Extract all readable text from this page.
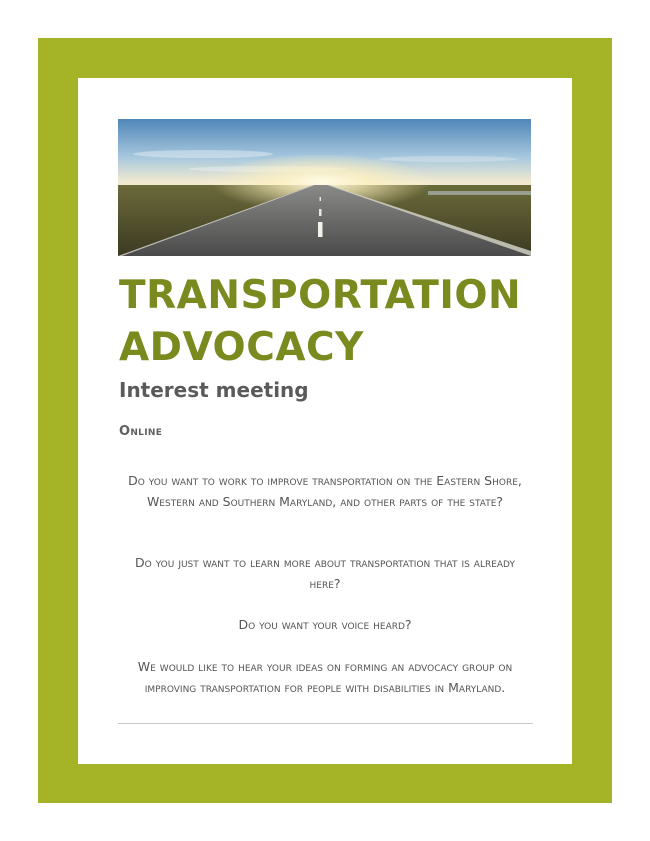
TRANSPORTATION
ADVOCACY
Interest meeting

Online

Do you want to work to improve transportation on the Eastern Shore, Western and Southern Maryland, and other parts of the state?

Do you just want to learn more about transportation that is already here?

Do you want your voice heard?

We would like to hear your ideas on forming an advocacy group on improving transportation for people with disabilities in Maryland.
